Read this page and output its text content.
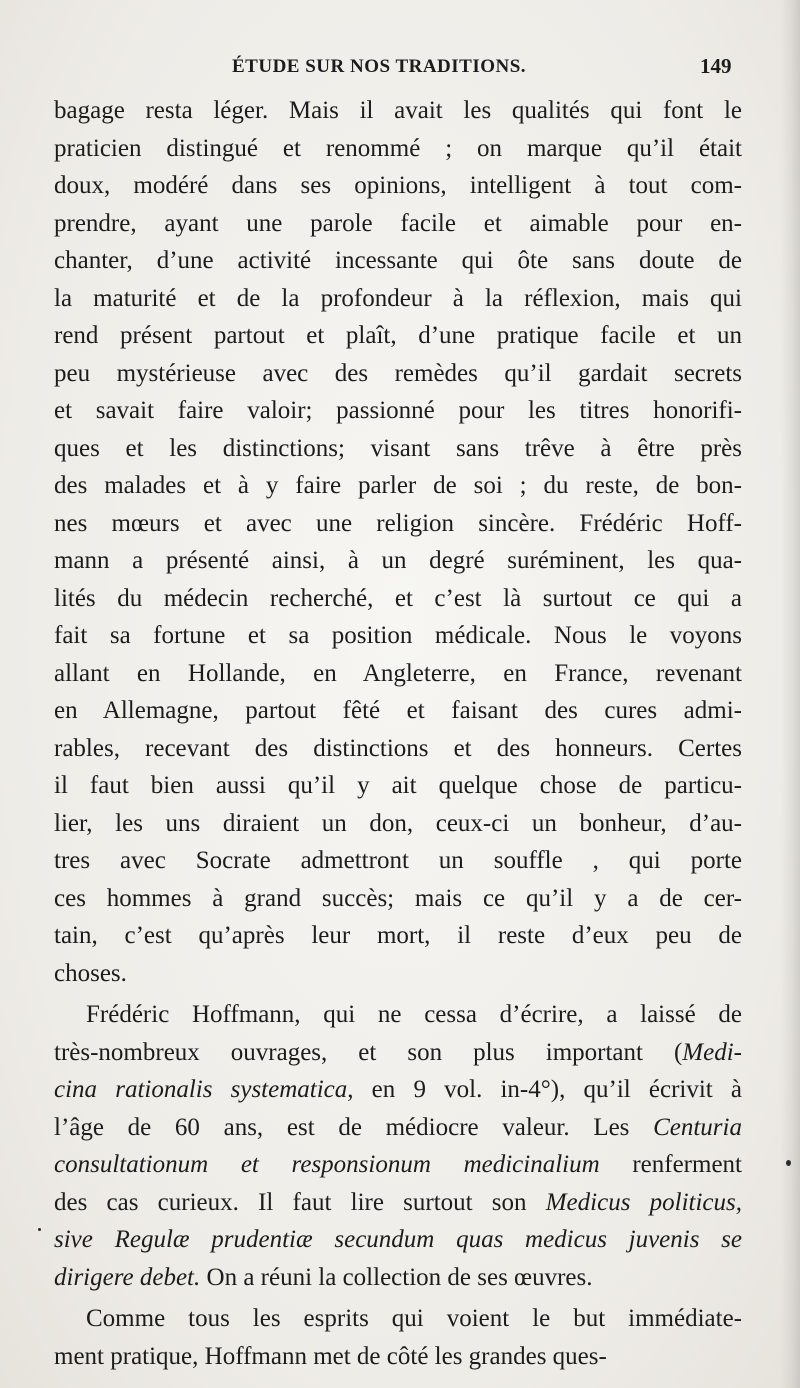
ÉTUDE SUR NOS TRADITIONS.	149
bagage resta léger. Mais il avait les qualités qui font le
praticien distingué et renommé ; on marque qu’il était
doux, modéré dans ses opinions, intelligent à tout com-
prendre, ayant une parole facile et aimable pour en-
chanter, d’une activité incessante qui ôte sans doute de
la maturité et de la profondeur à la réflexion, mais qui
rend présent partout et plaît, d’une pratique facile et un
peu mystérieuse avec des remèdes qu’il gardait secrets
et savait faire valoir; passionné pour les titres honorifi-
ques et les distinctions; visant sans trêve à être près
des malades et à y faire parler de soi ; du reste, de bon-
nes mœurs et avec une religion sincère. Frédéric Hoff-
mann a présenté ainsi, à un degré suréminent, les qua-
lités du médecin recherché, et c’est là surtout ce qui a
fait sa fortune et sa position médicale. Nous le voyons
allant en Hollande, en Angleterre, en France, revenant
en Allemagne, partout fêté et faisant des cures admi-
rables, recevant des distinctions et des honneurs. Certes
il faut bien aussi qu’il y ait quelque chose de particu-
lier, les uns diraient un don, ceux-ci un bonheur, d’au-
tres avec Socrate admettront un souffle , qui porte
ces hommes à grand succès; mais ce qu’il y a de cer-
tain, c’est qu’après leur mort, il reste d’eux peu de
choses.
Frédéric Hoffmann, qui ne cessa d’écrire, a laissé de
très-nombreux ouvrages, et son plus important (Medi-
cina rationalis systematica, en 9 vol. in-4°), qu’il écrivit à
l’âge de 60 ans, est de médiocre valeur. Les Centuria
consultationum et responsionum medicinalium renferment
des cas curieux. Il faut lire surtout son Medicus politicus,
sive Regulæ prudentiæ secundum quas medicus juvenis se
dirigere debet. On a réuni la collection de ses œuvres.
Comme tous les esprits qui voient le but immédiate-
ment pratique, Hoffmann met de côté les grandes ques-
